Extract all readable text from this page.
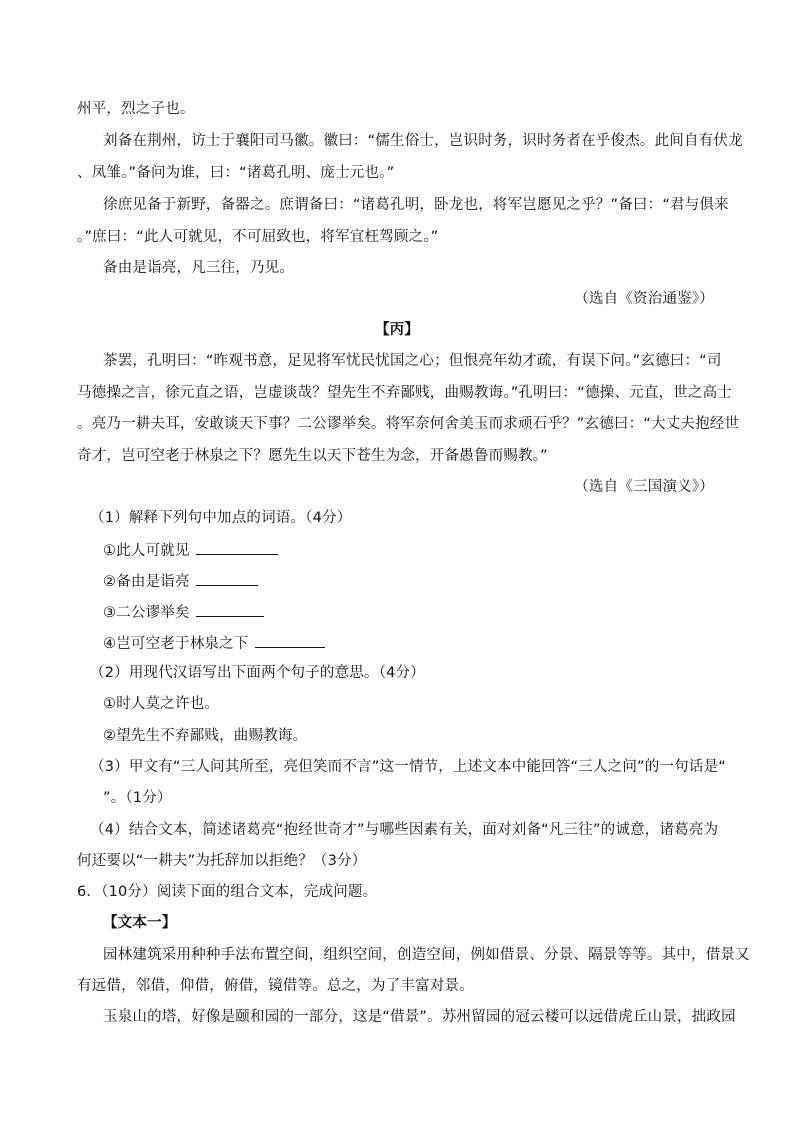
州平，烈之子也。
刘备在荆州，访士于襄阳司马徽。徽曰：“儒生俗士，岂识时务，识时务者在乎俊杰。此间自有伏龙
、凤雏。”备问为谁，曰：“诸葛孔明、庞士元也。”
徐庶见备于新野，备器之。庶谓备曰：“诸葛孔明，卧龙也，将军岂愿见之乎？”备曰：“君与俱来
。”庶曰：“此人可就见，不可屈致也，将军宜枉驾顾之。”
备由是诣亮，凡三往，乃见。
（选自《资治通鉴》）
【丙】
茶罢，孔明曰：“昨观书意，足见将军忧民忧国之心；但恨亮年幼才疏，有误下问。”玄德曰：“司
马德操之言，徐元直之语，岂虚谈哉？望先生不弃鄙贱，曲赐教诲。”孔明曰：“德操、元直，世之高士
。亮乃一耕夫耳，安敢谈天下事？二公谬举矣。将军奈何舍美玉而求顽石乎？”玄德曰：“大丈夫抱经世
奇才，岂可空老于林泉之下？愿先生以天下苍生为念，开备愚鲁而赐教。”
（选自《三国演义》）
（1）解释下列句中加点的词语。（4分）
①此人可就见
②备由是诣亮
③二公谬举矣
④岂可空老于林泉之下
（2）用现代汉语写出下面两个句子的意思。（4分）
①时人莫之许也。
②望先生不弃鄙贱，曲赐教诲。
（3）甲文有“三人问其所至，亮但笑而不言”这一情节，上述文本中能回答“三人之问”的一句话是“
”。（1分）
（4）结合文本，简述诸葛亮“抱经世奇才”与哪些因素有关，面对刘备“凡三往”的诚意，诸葛亮为
何还要以“一耕夫”为托辞加以拒绝？（3分）
6．（10分）阅读下面的组合文本，完成问题。
【文本一】
园林建筑采用种种手法布置空间，组织空间，创造空间，例如借景、分景、隔景等等。其中，借景又
有远借，邻借，仰借，俯借，镜借等。总之，为了丰富对景。
玉泉山的塔，好像是颐和园的一部分，这是“借景”。苏州留园的冠云楼可以远借虎丘山景，拙政园
